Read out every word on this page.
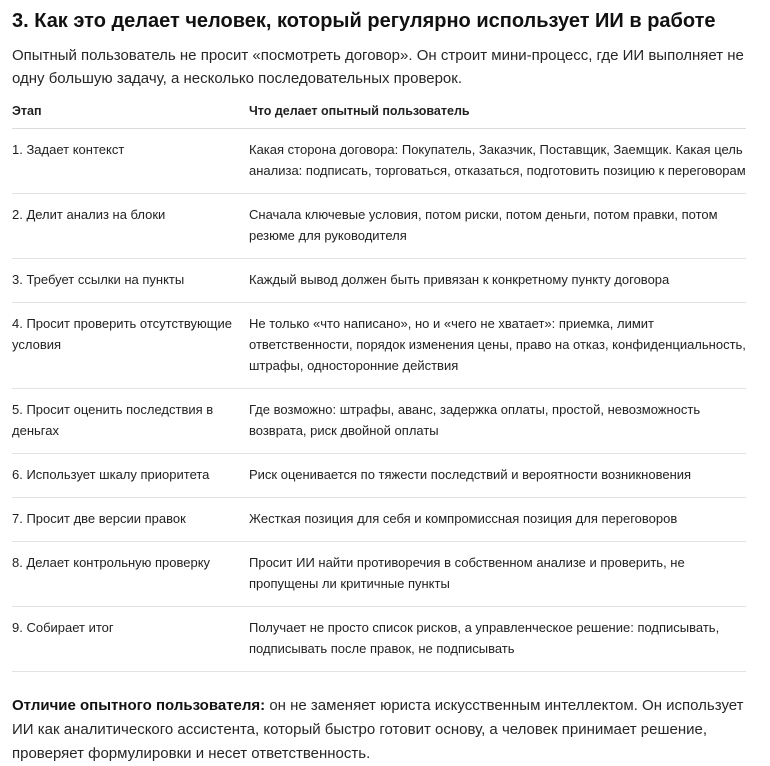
3. Как это делает человек, который регулярно использует ИИ в работе

Опытный пользователь не просит «посмотреть договор». Он строит мини-процесс, где ИИ выполняет не одну большую задачу, а несколько последовательных проверок.

Этап	Что делает опытный пользователь
1. Задает контекст	Какая сторона договора: Покупатель, Заказчик, Поставщик, Заемщик. Какая цель анализа: подписать, торговаться, отказаться, подготовить позицию к переговорам
2. Делит анализ на блоки	Сначала ключевые условия, потом риски, потом деньги, потом правки, потом резюме для руководителя
3. Требует ссылки на пункты	Каждый вывод должен быть привязан к конкретному пункту договора
4. Просит проверить отсутствующие условия	Не только «что написано», но и «чего не хватает»: приемка, лимит ответственности, порядок изменения цены, право на отказ, конфиденциальность, штрафы, односторонние действия
5. Просит оценить последствия в деньгах	Где возможно: штрафы, аванс, задержка оплаты, простой, невозможность возврата, риск двойной оплаты
6. Использует шкалу приоритета	Риск оценивается по тяжести последствий и вероятности возникновения
7. Просит две версии правок	Жесткая позиция для себя и компромиссная позиция для переговоров
8. Делает контрольную проверку	Просит ИИ найти противоречия в собственном анализе и проверить, не пропущены ли критичные пункты
9. Собирает итог	Получает не просто список рисков, а управленческое решение: подписывать, подписывать после правок, не подписывать

Отличие опытного пользователя: он не заменяет юриста искусственным интеллектом. Он использует ИИ как аналитического ассистента, который быстро готовит основу, а человек принимает решение, проверяет формулировки и несет ответственность.
